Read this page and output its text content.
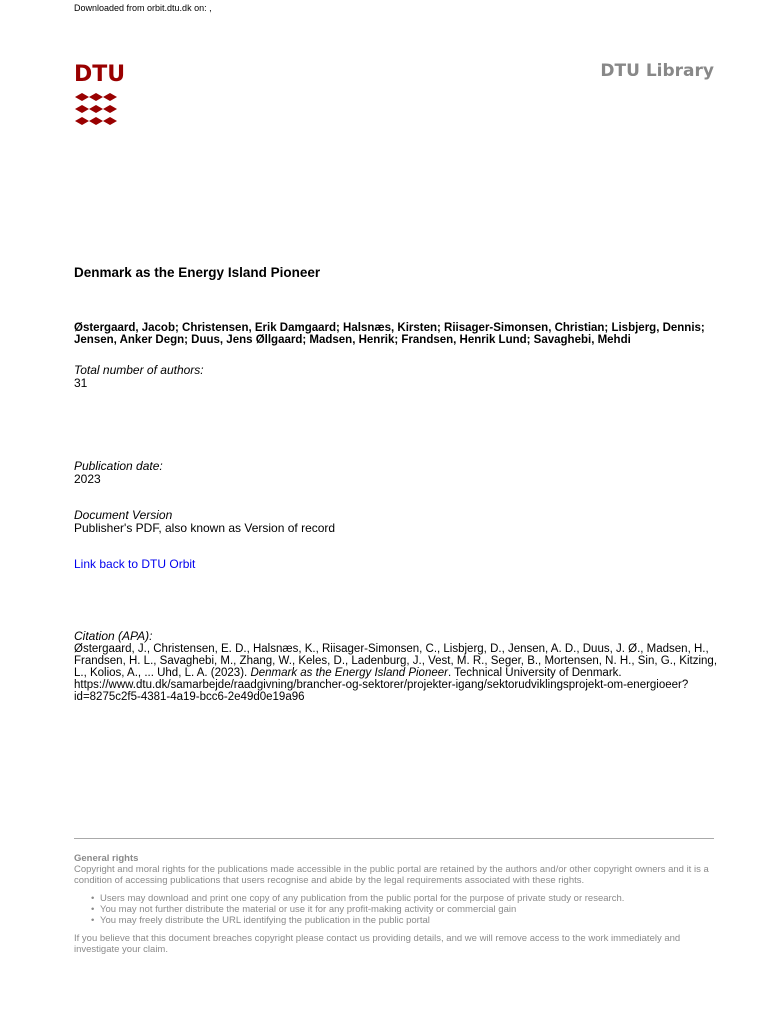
Downloaded from orbit.dtu.dk on: ,
DTU	DTU Library
Denmark as the Energy Island Pioneer
Østergaard, Jacob; Christensen, Erik Damgaard; Halsnæs, Kirsten; Riisager-Simonsen, Christian; Lisbjerg, Dennis; Jensen, Anker Degn; Duus, Jens Øllgaard; Madsen, Henrik; Frandsen, Henrik Lund; Savaghebi, Mehdi
Total number of authors:
31
Publication date:
2023
Document Version
Publisher's PDF, also known as Version of record
Link back to DTU Orbit
Citation (APA):
Østergaard, J., Christensen, E. D., Halsnæs, K., Riisager-Simonsen, C., Lisbjerg, D., Jensen, A. D., Duus, J. Ø., Madsen, H., Frandsen, H. L., Savaghebi, M., Zhang, W., Keles, D., Ladenburg, J., Vest, M. R., Seger, B., Mortensen, N. H., Sin, G., Kitzing, L., Kolios, A., ... Uhd, L. A. (2023). Denmark as the Energy Island Pioneer. Technical University of Denmark. https://www.dtu.dk/samarbejde/raadgivning/brancher-og-sektorer/projekter-igang/sektorudviklingsprojekt-om-energioeer?id=8275c2f5-4381-4a19-bcc6-2e49d0e19a96
General rights
Copyright and moral rights for the publications made accessible in the public portal are retained by the authors and/or other copyright owners and it is a condition of accessing publications that users recognise and abide by the legal requirements associated with these rights.
• Users may download and print one copy of any publication from the public portal for the purpose of private study or research.
• You may not further distribute the material or use it for any profit-making activity or commercial gain
• You may freely distribute the URL identifying the publication in the public portal
If you believe that this document breaches copyright please contact us providing details, and we will remove access to the work immediately and investigate your claim.
